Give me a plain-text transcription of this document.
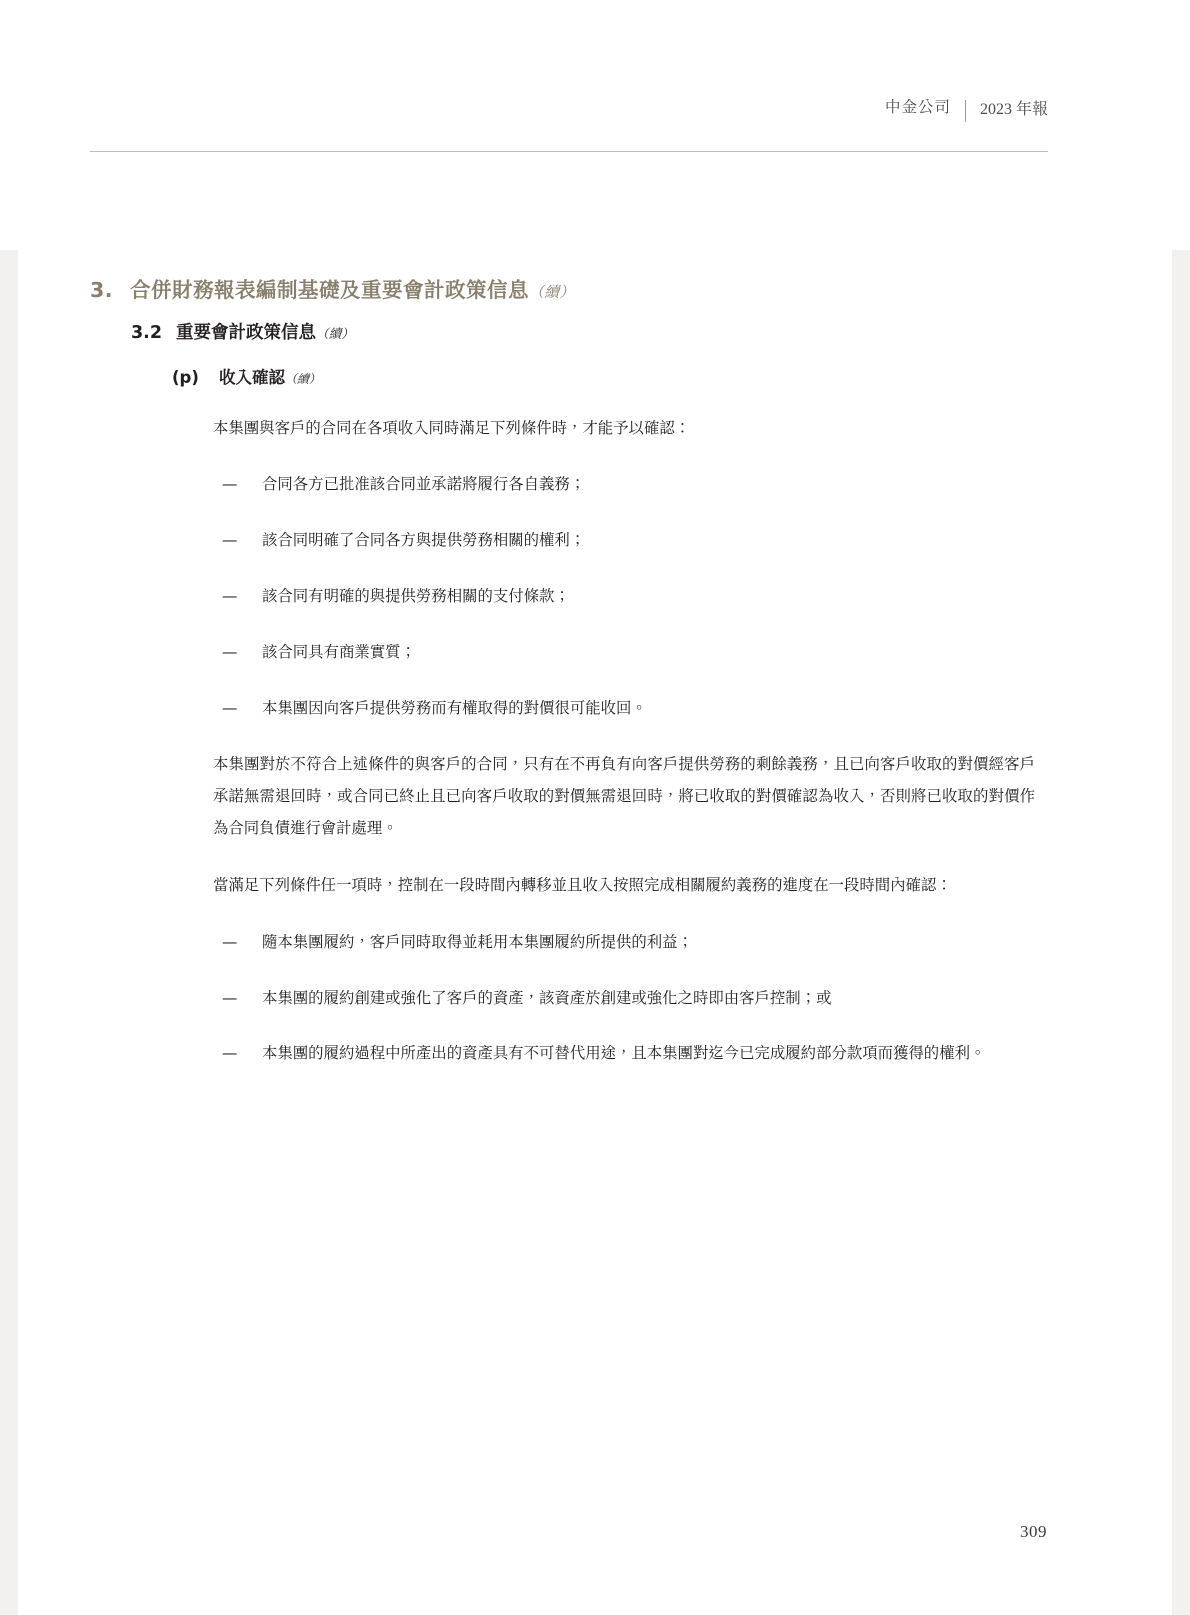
中金公司	2023 年報
3. 合併財務報表編制基礎及重要會計政策信息（續）
3.2 重要會計政策信息（續）
(p) 收入確認（續）

本集團與客戶的合同在各項收入同時滿足下列條件時，才能予以確認：

— 合同各方已批准該合同並承諾將履行各自義務；
— 該合同明確了合同各方與提供勞務相關的權利；
— 該合同有明確的與提供勞務相關的支付條款；
— 該合同具有商業實質；
— 本集團因向客戶提供勞務而有權取得的對價很可能收回。

本集團對於不符合上述條件的與客戶的合同，只有在不再負有向客戶提供勞務的剩餘義務，且已向客戶收取的對價經客戶承諾無需退回時，或合同已終止且已向客戶收取的對價無需退回時，將已收取的對價確認為收入，否則將已收取的對價作為合同負債進行會計處理。

當滿足下列條件任一項時，控制在一段時間內轉移並且收入按照完成相關履約義務的進度在一段時間內確認：

— 隨本集團履約，客戶同時取得並耗用本集團履約所提供的利益；
— 本集團的履約創建或強化了客戶的資產，該資產於創建或強化之時即由客戶控制；或
— 本集團的履約過程中所產出的資產具有不可替代用途，且本集團對迄今已完成履約部分款項而獲得的權利。
309
